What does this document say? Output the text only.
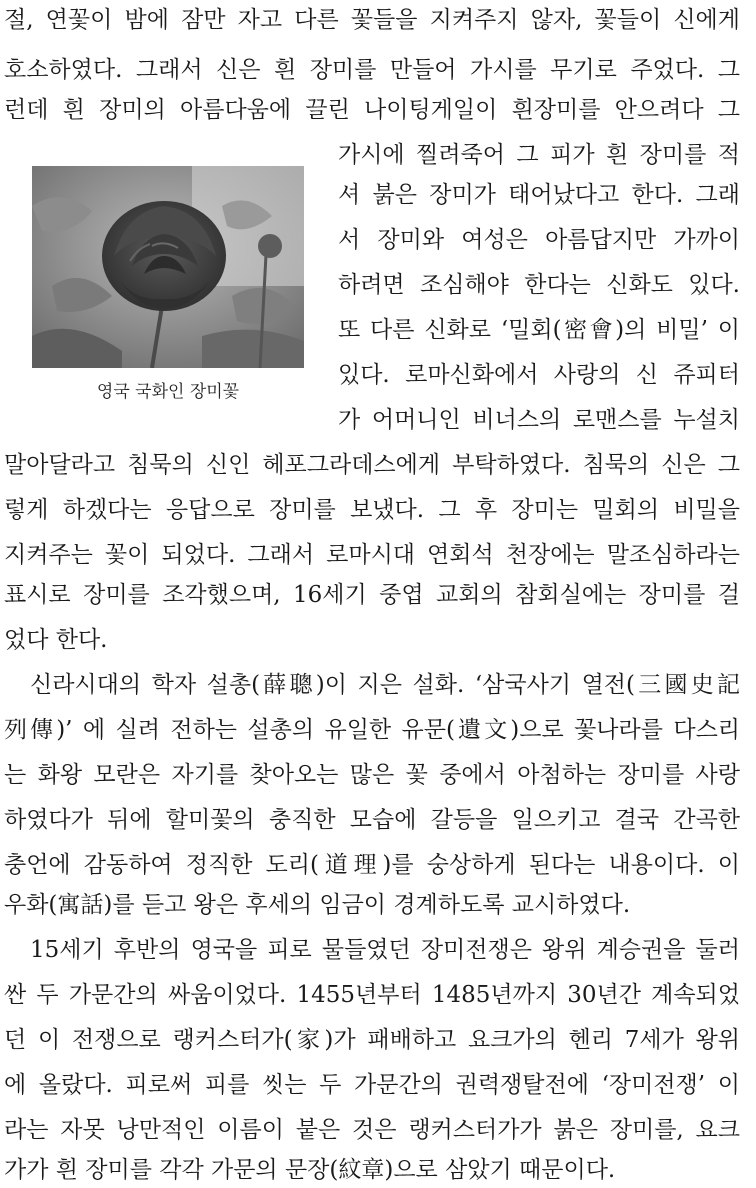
절, 연꽃이 밤에 잠만 자고 다른 꽃들을 지켜주지 않자, 꽃들이 신에게
호소하였다. 그래서 신은 흰 장미를 만들어 가시를 무기로 주었다. 그
런데 흰 장미의 아름다움에 끌린 나이팅게일이 흰장미를 안으려다 그
가시에 찔려죽어 그 피가 흰 장미를 적
셔 붉은 장미가 태어났다고 한다. 그래
서 장미와 여성은 아름답지만 가까이
하려면 조심해야 한다는 신화도 있다.
또 다른 신화로 ‘밀회(密會)의 비밀’ 이
있다. 로마신화에서 사랑의 신 쥬피터
가 어머니인 비너스의 로맨스를 누설치
말아달라고 침묵의 신인 헤포그라데스에게 부탁하였다. 침묵의 신은 그
렇게 하겠다는 응답으로 장미를 보냈다. 그 후 장미는 밀회의 비밀을
지켜주는 꽃이 되었다. 그래서 로마시대 연회석 천장에는 말조심하라는
표시로 장미를 조각했으며, 16세기 중엽 교회의 참회실에는 장미를 걸
었다 한다.
신라시대의 학자 설총(薛聰)이 지은 설화. ‘삼국사기 열전(三國史記
列傳)’ 에 실려 전하는 설총의 유일한 유문(遺文)으로 꽃나라를 다스리
는 화왕 모란은 자기를 찾아오는 많은 꽃 중에서 아첨하는 장미를 사랑
하였다가 뒤에 할미꽃의 충직한 모습에 갈등을 일으키고 결국 간곡한
충언에 감동하여 정직한 도리(道理)를 숭상하게 된다는 내용이다. 이
우화(寓話)를 듣고 왕은 후세의 임금이 경계하도록 교시하였다.
15세기 후반의 영국을 피로 물들였던 장미전쟁은 왕위 계승권을 둘러
싼 두 가문간의 싸움이었다. 1455년부터 1485년까지 30년간 계속되었
던 이 전쟁으로 랭커스터가(家)가 패배하고 요크가의 헨리 7세가 왕위
에 올랐다. 피로써 피를 씻는 두 가문간의 권력쟁탈전에 ‘장미전쟁’ 이
라는 자못 낭만적인 이름이 붙은 것은 랭커스터가가 붉은 장미를, 요크
가가 흰 장미를 각각 가문의 문장(紋章)으로 삼았기 때문이다.
영국 국화인 장미꽃
